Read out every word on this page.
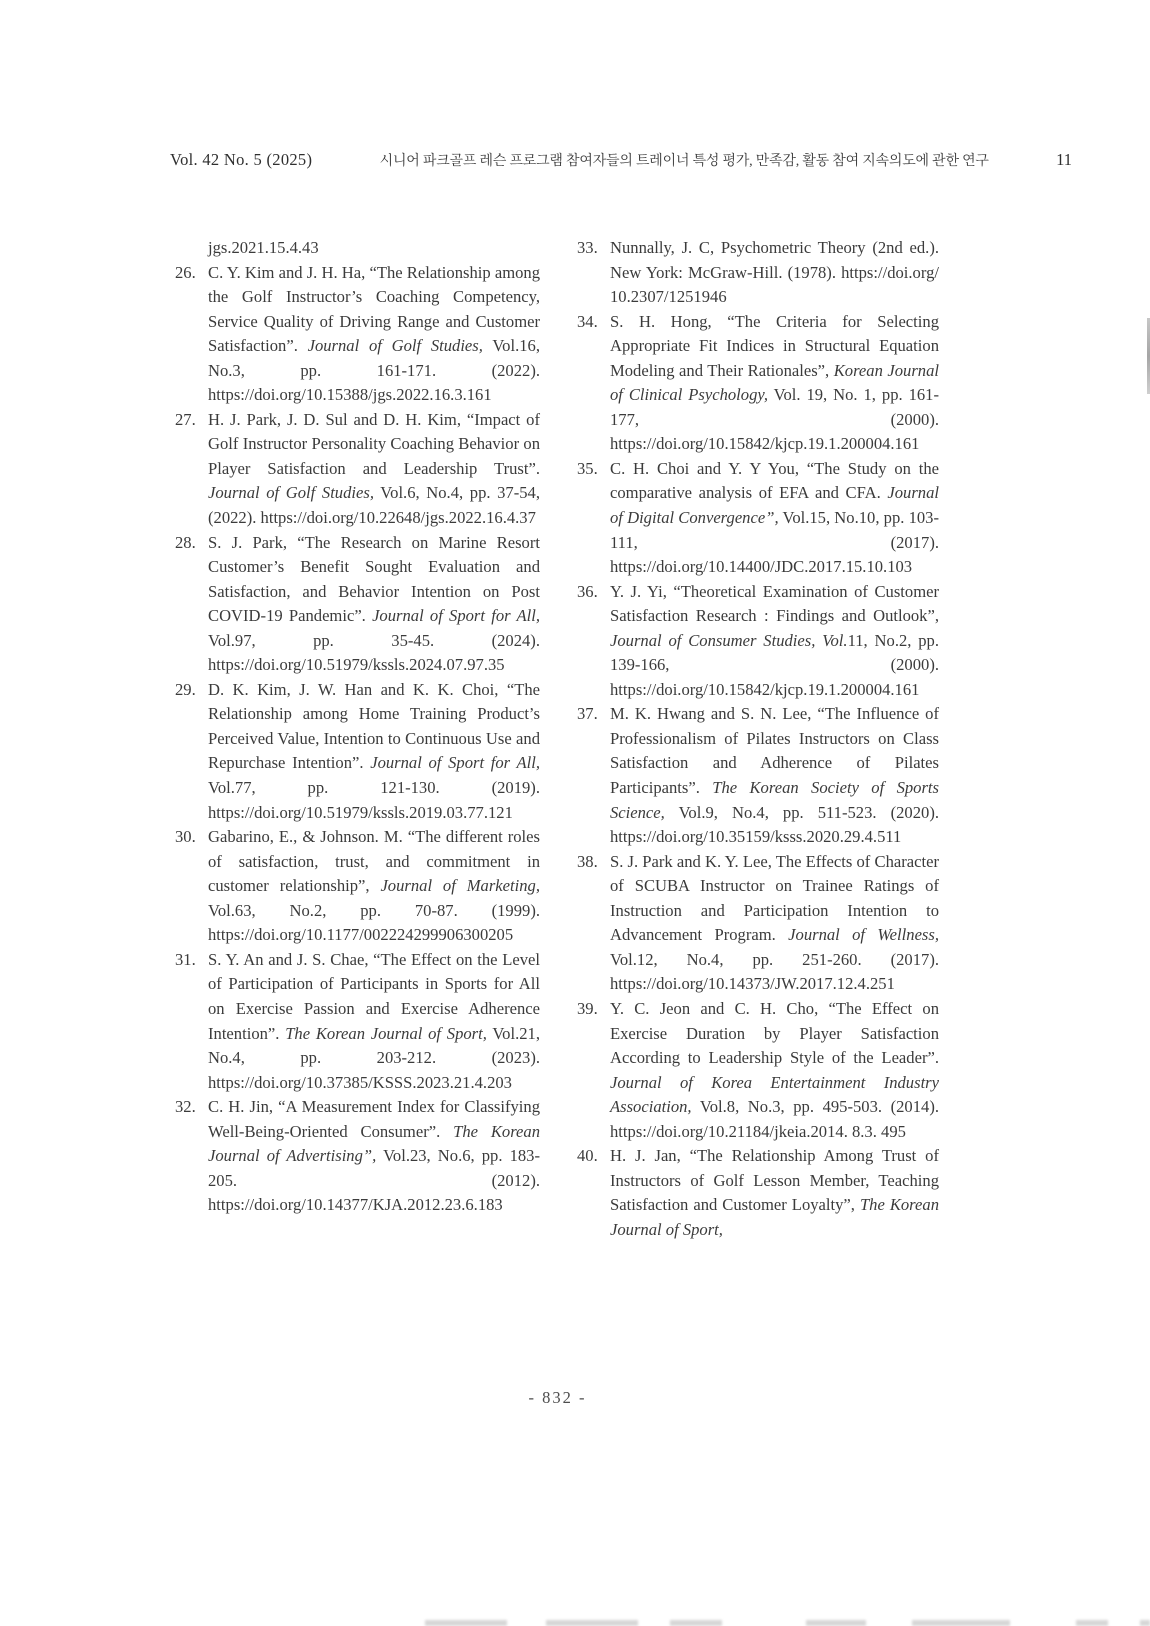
Vol. 42 No. 5 (2025)	시니어 파크골프 레슨 프로그램 참여자들의 트레이너 특성 평가, 만족감, 활동 참여 지속의도에 관한 연구	11
jgs.2021.15.4.43
26. C. Y. Kim and J. H. Ha, “The Relationship among the Golf Instructor’s Coaching Competency, Service Quality of Driving Range and Customer Satisfaction”. Journal of Golf Studies, Vol.16, No.3, pp. 161-171. (2022). https://doi.org/10.15388/jgs.2022.16.3.161
27. H. J. Park, J. D. Sul and D. H. Kim, “Impact of Golf Instructor Personality Coaching Behavior on Player Satisfaction and Leadership Trust”. Journal of Golf Studies, Vol.6, No.4, pp. 37-54, (2022). https://doi.org/10.22648/jgs.2022.16.4.37
28. S. J. Park, “The Research on Marine Resort Customer’s Benefit Sought Evaluation and Satisfaction, and Behavior Intention on Post COVID-19 Pandemic”. Journal of Sport for All, Vol.97, pp. 35-45. (2024). https://doi.org/10.51979/kssls.2024.07.97.35
29. D. K. Kim, J. W. Han and K. K. Choi, “The Relationship among Home Training Product’s Perceived Value, Intention to Continuous Use and Repurchase Intention”. Journal of Sport for All, Vol.77, pp. 121-130. (2019). https://doi.org/10.51979/kssls.2019.03.77.121
30. Gabarino, E., & Johnson. M. “The different roles of satisfaction, trust, and commitment in customer relationship”, Journal of Marketing, Vol.63, No.2, pp. 70-87. (1999). https://doi.org/10.1177/002224299906300205
31. S. Y. An and J. S. Chae, “The Effect on the Level of Participation of Participants in Sports for All on Exercise Passion and Exercise Adherence Intention”. The Korean Journal of Sport, Vol.21, No.4, pp. 203-212. (2023). https://doi.org/10.37385/KSSS.2023.21.4.203
32. C. H. Jin, “A Measurement Index for Classifying Well-Being-Oriented Consumer”. The Korean Journal of Advertising”, Vol.23, No.6, pp. 183-205. (2012). https://doi.org/10.14377/KJA.2012.23.6.183
33. Nunnally, J. C, Psychometric Theory (2nd ed.). New York: McGraw-Hill. (1978). https://doi.org/ 10.2307/1251946
34. S. H. Hong, “The Criteria for Selecting Appropriate Fit Indices in Structural Equation Modeling and Their Rationales”, Korean Journal of Clinical Psychology, Vol. 19, No. 1, pp. 161-177, (2000). https://doi.org/10.15842/kjcp.19.1.200004.161
35. C. H. Choi and Y. Y You, “The Study on the comparative analysis of EFA and CFA. Journal of Digital Convergence”, Vol.15, No.10, pp. 103-111, (2017). https://doi.org/10.14400/JDC.2017.15.10.103
36. Y. J. Yi, “Theoretical Examination of Customer Satisfaction Research : Findings and Outlook”, Journal of Consumer Studies, Vol.11, No.2, pp. 139-166, (2000). https://doi.org/10.15842/kjcp.19.1.200004.161
37. M. K. Hwang and S. N. Lee, “The Influence of Professionalism of Pilates Instructors on Class Satisfaction and Adherence of Pilates Participants”. The Korean Society of Sports Science, Vol.9, No.4, pp. 511-523. (2020). https://doi.org/10.35159/ksss.2020.29.4.511
38. S. J. Park and K. Y. Lee, The Effects of Character of SCUBA Instructor on Trainee Ratings of Instruction and Participation Intention to Advancement Program. Journal of Wellness, Vol.12, No.4, pp. 251-260. (2017). https://doi.org/10.14373/JW.2017.12.4.251
39. Y. C. Jeon and C. H. Cho, “The Effect on Exercise Duration by Player Satisfaction According to Leadership Style of the Leader”. Journal of Korea Entertainment Industry Association, Vol.8, No.3, pp. 495-503. (2014). https://doi.org/10.21184/jkeia.2014. 8.3. 495
40. H. J. Jan, “The Relationship Among Trust of Instructors of Golf Lesson Member, Teaching Satisfaction and Customer Loyalty”, The Korean Journal of Sport,
- 832 -
